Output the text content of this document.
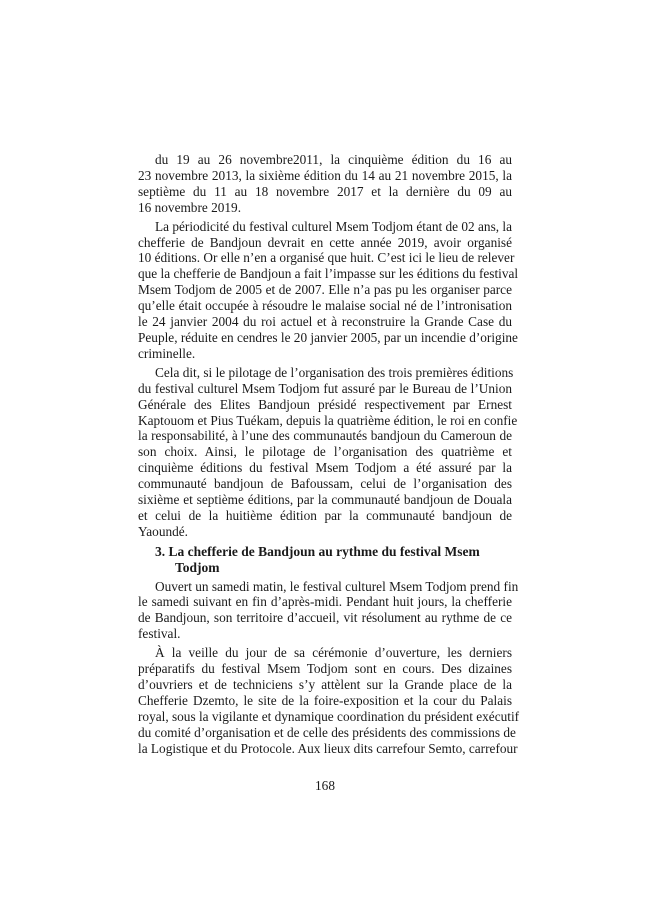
du 19 au 26 novembre2011, la cinquième édition du 16 au
23 novembre 2013, la sixième édition du 14 au 21 novembre 2015, la
septième du 11 au 18 novembre 2017 et la dernière du 09 au
16 novembre 2019.
La périodicité du festival culturel Msem Todjom étant de 02 ans, la
chefferie de Bandjoun devrait en cette année 2019, avoir organisé
10 éditions. Or elle n’en a organisé que huit. C’est ici le lieu de relever
que la chefferie de Bandjoun a fait l’impasse sur les éditions du festival
Msem Todjom de 2005 et de 2007. Elle n’a pas pu les organiser parce
qu’elle était occupée à résoudre le malaise social né de l’intronisation
le 24 janvier 2004 du roi actuel et à reconstruire la Grande Case du
Peuple, réduite en cendres le 20 janvier 2005, par un incendie d’origine
criminelle.
Cela dit, si le pilotage de l’organisation des trois premières éditions
du festival culturel Msem Todjom fut assuré par le Bureau de l’Union
Générale des Elites Bandjoun présidé respectivement par Ernest
Kaptouom et Pius Tuékam, depuis la quatrième édition, le roi en confie
la responsabilité, à l’une des communautés bandjoun du Cameroun de
son choix. Ainsi, le pilotage de l’organisation des quatrième et
cinquième éditions du festival Msem Todjom a été assuré par la
communauté bandjoun de Bafoussam, celui de l’organisation des
sixième et septième éditions, par la communauté bandjoun de Douala
et celui de la huitième édition par la communauté bandjoun de
Yaoundé.
3. La chefferie de Bandjoun au rythme du festival Msem
Todjom
Ouvert un samedi matin, le festival culturel Msem Todjom prend fin
le samedi suivant en fin d’après-midi. Pendant huit jours, la chefferie
de Bandjoun, son territoire d’accueil, vit résolument au rythme de ce
festival.
À la veille du jour de sa cérémonie d’ouverture, les derniers
préparatifs du festival Msem Todjom sont en cours. Des dizaines
d’ouvriers et de techniciens s’y attèlent sur la Grande place de la
Chefferie Dzemto, le site de la foire-exposition et la cour du Palais
royal, sous la vigilante et dynamique coordination du président exécutif
du comité d’organisation et de celle des présidents des commissions de
la Logistique et du Protocole. Aux lieux dits carrefour Semto, carrefour
168
